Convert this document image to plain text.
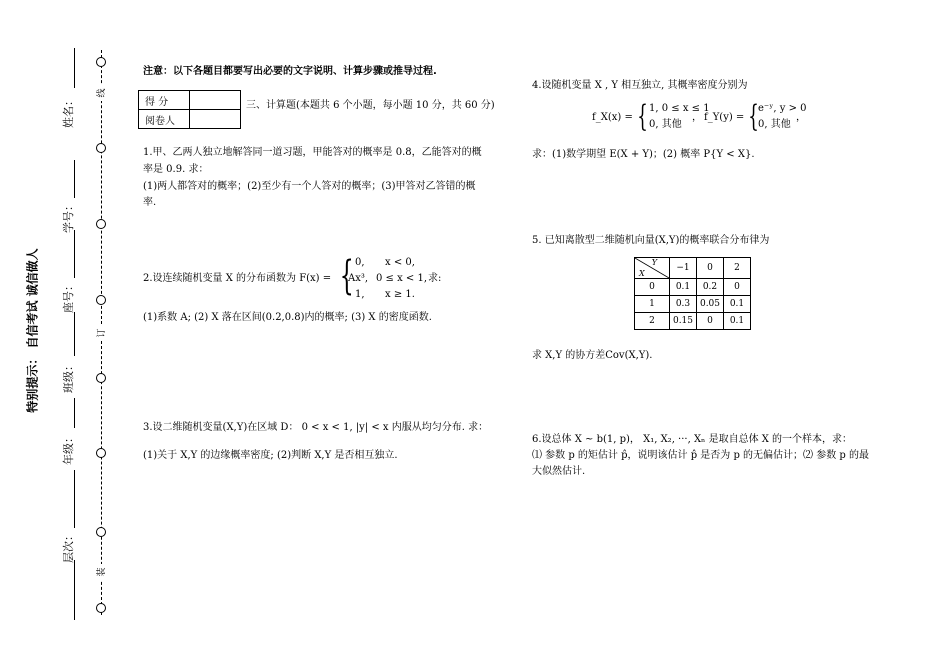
特别提示： 自信考试 诚信做人
姓名：
学号：
座号：
班级：
年级：
层次：
线
订
装
注意：以下各题目都要写出必要的文字说明、计算步骤或推导过程.
得 分	
阅卷人	
三、计算题(本题共 6 个小题，每小题 10 分，共 60 分)
1.甲、乙两人独立地解答同一道习题，甲能答对的概率是 0.8，乙能答对的概
率是 0.9. 求：
(1)两人都答对的概率；(2)至少有一个人答对的概率；(3)甲答对乙答错的概
率.
2.设连续随机变量 X 的分布函数为 F(x) = { 0, x < 0,
Ax³, 0 ≤ x < 1, 求:
1, x ≥ 1.
(1)系数 A; (2) X 落在区间(0.2,0.8)内的概率; (3) X 的密度函数.
3.设二维随机变量(X,Y)在区域 D： 0 < x < 1, |y| < x 内服从均匀分布. 求：
(1)关于 X,Y 的边缘概率密度; (2)判断 X,Y 是否相互独立.
4.设随机变量 X , Y 相互独立, 其概率密度分别为
f_X(x) = { 1, 0 ≤ x ≤ 1
0, 其他
， f_Y(y) = { e⁻ʸ, y > 0
0, 其他
，
求：(1)数学期望 E(X + Y)；(2) 概率 P{Y < X}.
5. 已知离散型二维随机向量(X,Y)的概率联合分布律为
Y
X	−1	0	2
0	0.1	0.2	0
1	0.3	0.05	0.1
2	0.15	0	0.1
求 X,Y 的协方差Cov(X,Y).
6.设总体 X ~ b(1, p)， X₁, X₂, ···, Xₙ 是取自总体 X 的一个样本，求：
⑴ 参数 p 的矩估计 p̂，说明该估计 p̂ 是否为 p 的无偏估计；⑵ 参数 p 的最
大似然估计.
